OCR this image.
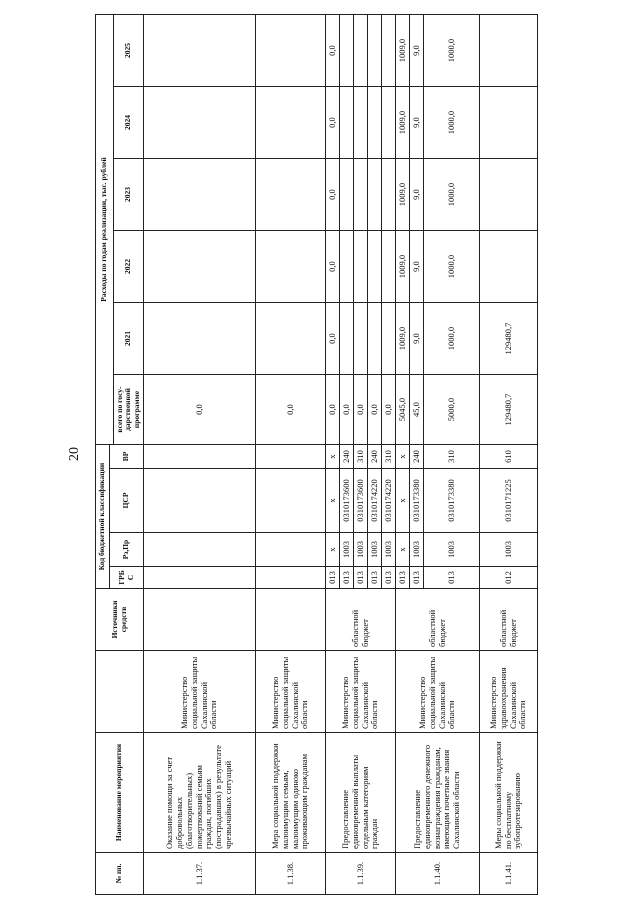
20
№ пп.	Наименование мероприятия		Источники средств	Код бюджетной классификации				Расходы по годам реализации, тыс. рублей					
				ГРБ С	Рз,Пр	ЦСР	ВР						
								всего по госу-дарственной программе	2021	2022	2023	2024	2025
1.1.37.	Оказание помощи за счет добровольных (благотворительных) пожертвований семьям граждан, погибших (пострадавших) в результате чрезвычайных ситуаций	Министерство социальной защиты Сахалинской области						0,0					
1.1.38.	Мера социальной поддержки малоимущим семьям, малоимущим одиноко проживающим гражданам	Министерство социальной защиты Сахалинской области						0,0					
1.1.39.	Предоставление единовременной выплаты отдельным категориям граждан	Министерство социальной защиты Сахалинской области	областной бюджет	013	x	x	x	0,0	0,0	0,0	0,0	0,0	0,0
				013	1003	0310173600	240	0,0					
				013	1003	0310173600	310	0,0					
				013	1003	0310174220	240	0,0					
				013	1003	0310174220	310	0,0					
1.1.40.	Предоставление единовременного денежного вознаграждения гражданам, имеющим почетные звания Сахалинской области	Министерство социальной защиты Сахалинской области	областной бюджет	013	x	x	x	5045,0	1009,0	1009,0	1009,0	1009,0	1009,0
				013	1003	0310173380	240	45,0	9,0	9,0	9,0	9,0	9,0
				013	1003	0310173380	310	5000,0	1000,0	1000,0	1000,0	1000,0	1000,0
1.1.41.	Меры социальной поддержки по бесплатному зубопротезированию	Министерство здравоохранения Сахалинской области	областной бюджет	012	1003	0310171225	610	129480,7	129480,7				
